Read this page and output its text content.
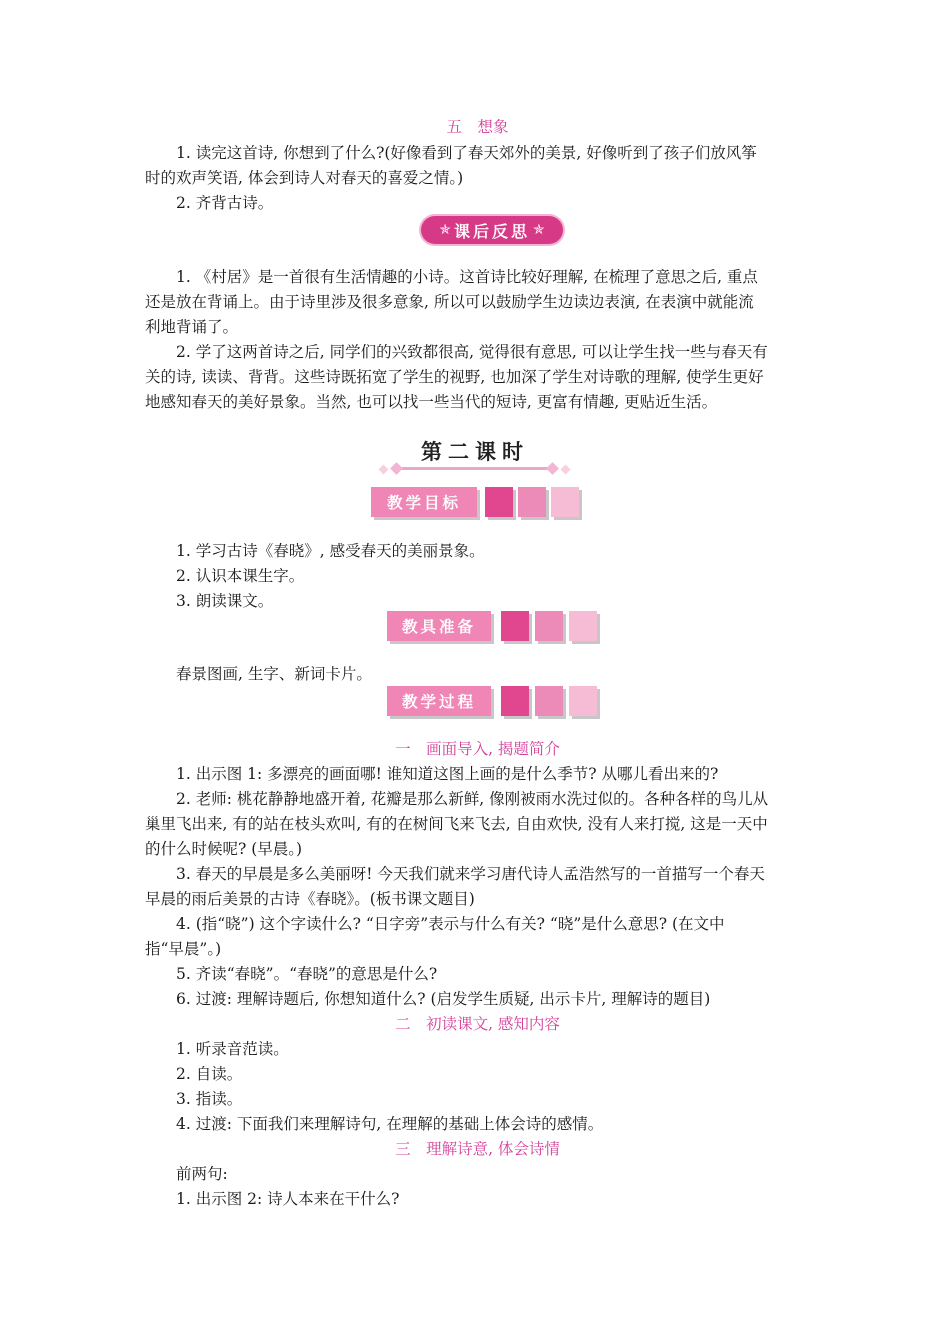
五　想象
1. 读完这首诗, 你想到了什么?(好像看到了春天郊外的美景, 好像听到了孩子们放风筝
时的欢声笑语, 体会到诗人对春天的喜爱之情。)
2. 齐背古诗。
✯ 课后反思 ✯
1. 《村居》是一首很有生活情趣的小诗。这首诗比较好理解, 在梳理了意思之后, 重点
还是放在背诵上。由于诗里涉及很多意象, 所以可以鼓励学生边读边表演, 在表演中就能流
利地背诵了。
2. 学了这两首诗之后, 同学们的兴致都很高, 觉得很有意思, 可以让学生找一些与春天有
关的诗, 读读、背背。这些诗既拓宽了学生的视野, 也加深了学生对诗歌的理解, 使学生更好
地感知春天的美好景象。当然, 也可以找一些当代的短诗, 更富有情趣, 更贴近生活。
第二课时
教学目标
1. 学习古诗《春晓》, 感受春天的美丽景象。
2. 认识本课生字。
3. 朗读课文。
教具准备
春景图画, 生字、新词卡片。
教学过程
一　画面导入, 揭题简介
1. 出示图 1: 多漂亮的画面哪! 谁知道这图上画的是什么季节? 从哪儿看出来的?
2. 老师: 桃花静静地盛开着, 花瓣是那么新鲜, 像刚被雨水洗过似的。各种各样的鸟儿从
巢里飞出来, 有的站在枝头欢叫, 有的在树间飞来飞去, 自由欢快, 没有人来打搅, 这是一天中
的什么时候呢? (早晨。)
3. 春天的早晨是多么美丽呀! 今天我们就来学习唐代诗人孟浩然写的一首描写一个春天
早晨的雨后美景的古诗《春晓》。(板书课文题目)
4. (指“晓”) 这个字读什么? “日字旁”表示与什么有关? “晓”是什么意思? (在文中
指“早晨”。)
5. 齐读“春晓”。“春晓”的意思是什么?
6. 过渡: 理解诗题后, 你想知道什么? (启发学生质疑, 出示卡片, 理解诗的题目)
二　初读课文, 感知内容
1. 听录音范读。
2. 自读。
3. 指读。
4. 过渡: 下面我们来理解诗句, 在理解的基础上体会诗的感情。
三　理解诗意, 体会诗情
前两句:
1. 出示图 2: 诗人本来在干什么?
